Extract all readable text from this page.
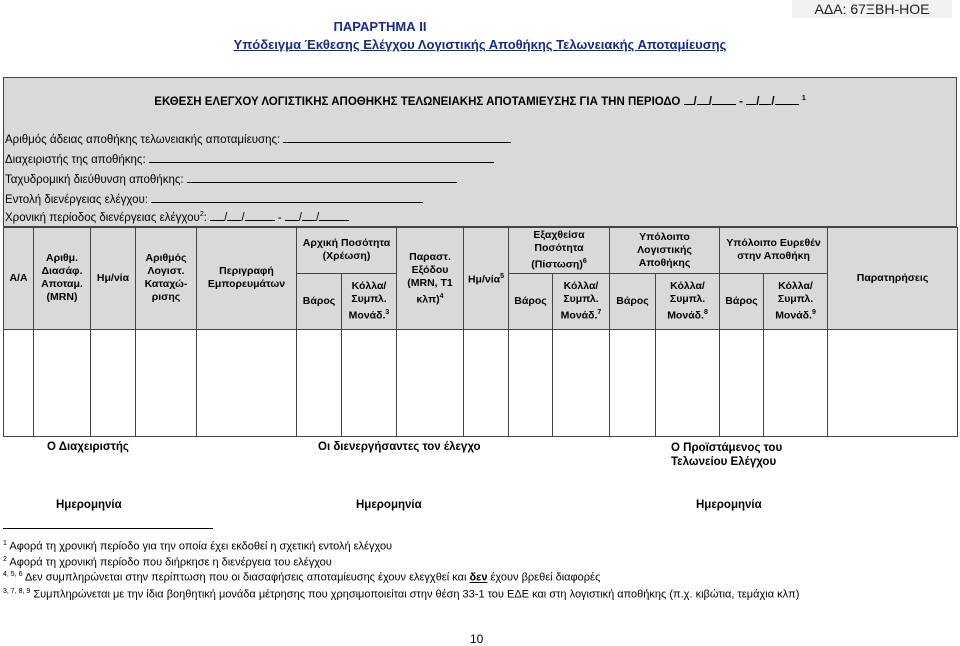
ΑΔΑ: 67ΞΒΗ-ΗΟΕ
ΠΑΡΑΡΤΗΜΑ ΙΙ
Υπόδειγμα Έκθεσης Ελέγχου Λογιστικής Αποθήκης Τελωνειακής Αποταμίευσης
ΕΚΘΕΣΗ ΕΛΕΓΧΟΥ ΛΟΓΙΣΤΙΚΗΣ ΑΠΟΘΗΚΗΣ ΤΕΛΩΝΕΙΑΚΗΣ ΑΠΟΤΑΜΙΕΥΣΗΣ ΓΙΑ ΤΗΝ ΠΕΡΙΟΔΟ / / - / /	$^1$
Αριθμός άδειας αποθήκης τελωνειακής αποταμίευσης:
Διαχειριστής της αποθήκης:
Ταχυδρομική διεύθυνση αποθήκης:
Εντολή διενέργειας ελέγχου:
Χρονική περίοδος διενέργειας ελέγχου$^2$: / /	- / /
Α/Α	Αριθμ. Διασάφ. Αποταμ. (MRN)	Ημ/νία	Αριθμός Λογιστ. Καταχώ-ρισης	Περιγραφή Εμπορευμάτων	Αρχική Ποσότητα (Χρέωση)		Παραστ. Εξόδου (MRN, T1 κλπ)$^4$	Ημ/νία$^5$	Εξαχθείσα Ποσότητα $(\Pi ί\sigma\tau\omega\sigma\eta)^6$		Υπόλοιπο Λογιστικής Αποθήκης		Υπόλοιπο Ευρεθέν στην Αποθήκη		Παρατηρήσεις
					Βάρος	Κόλλα/ Συμπλ. Μονάδ.$^3$			Βάρος	Κόλλα/ Συμπλ. Μονάδ.$^7$	Βάρος	Κόλλα/ Συμπλ. Μονάδ.$^8$	Βάρος	Κόλλα/ Συμπλ. Μονάδ.$^9$

Ο Διαχειριστής	Οι διενεργήσαντες τον έλεγχο	Ο Προϊστάμενος του Τελωνείου Ελέγχου
Ημερομηνία	Ημερομηνία	Ημερομηνία
$^1$ Αφορά τη χρονική περίοδο για την οποία έχει εκδοθεί η σχετική εντολή ελέγχου
$^2$ Αφορά τη χρονική περίοδο που διήρκησε η διενέργεια του ελέγχου
$^{4, 5, 6}$ Δεν συμπληρώνεται στην περίπτωση που οι διασαφήσεις αποταμίευσης έχουν ελεγχθεί και δεν έχουν βρεθεί διαφορές
$^{3, 7, 8, 9}$ Συμπληρώνεται με την ίδια βοηθητική μονάδα μέτρησης που χρησιμοποιείται στην θέση 33-1 του ΕΔΕ και στη λογιστική αποθήκης (π.χ. κιβώτια, τεμάχια κλπ)
10
